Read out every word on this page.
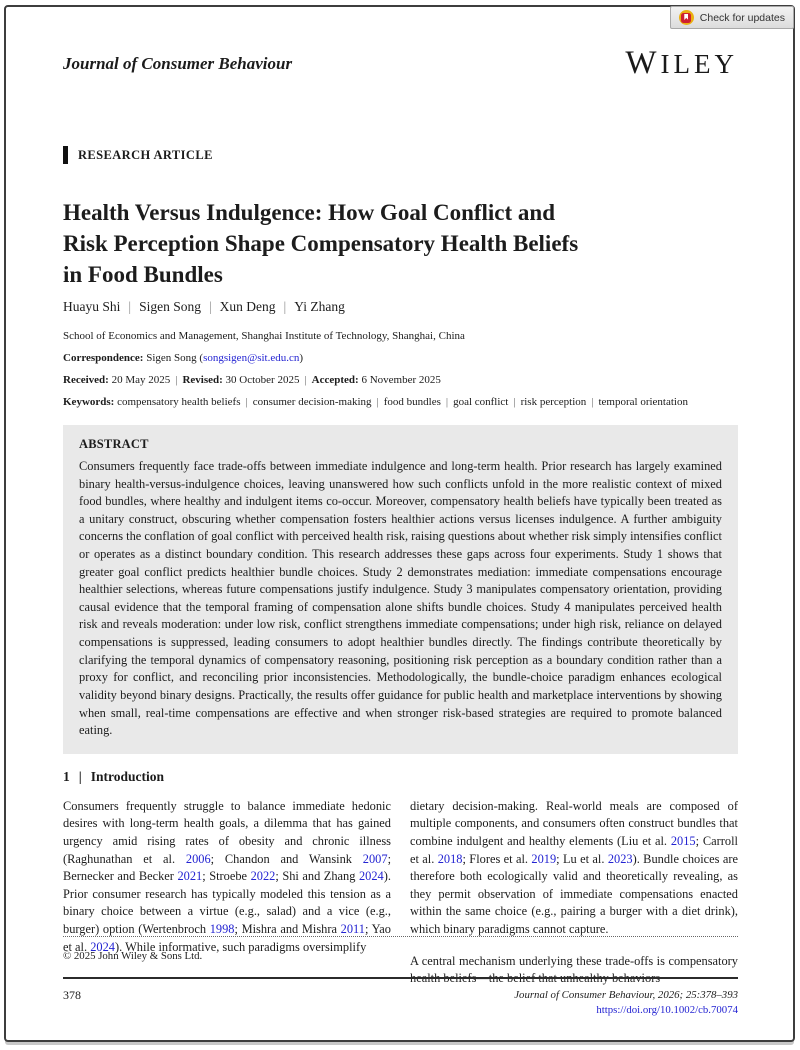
Check for updates
Journal of Consumer Behaviour	WILEY
RESEARCH ARTICLE
Health Versus Indulgence: How Goal Conflict and
Risk Perception Shape Compensatory Health Beliefs
in Food Bundles
Huayu Shi | Sigen Song | Xun Deng | Yi Zhang
School of Economics and Management, Shanghai Institute of Technology, Shanghai, China
Correspondence: Sigen Song (songsigen@sit.edu.cn)
Received: 20 May 2025 | Revised: 30 October 2025 | Accepted: 6 November 2025
Keywords: compensatory health beliefs | consumer decision-making | food bundles | goal conflict | risk perception | temporal orientation
ABSTRACT

Consumers frequently face trade-offs between immediate indulgence and long-term health. Prior research has largely examined binary health-versus-indulgence choices, leaving unanswered how such conflicts unfold in the more realistic context of mixed food bundles, where healthy and indulgent items co-occur. Moreover, compensatory health beliefs have typically been treated as a unitary construct, obscuring whether compensation fosters healthier actions versus licenses indulgence. A further ambiguity concerns the conflation of goal conflict with perceived health risk, raising questions about whether risk simply intensifies conflict or operates as a distinct boundary condition. This research addresses these gaps across four experiments. Study 1 shows that greater goal conflict predicts healthier bundle choices. Study 2 demonstrates mediation: immediate compensations encourage healthier selections, whereas future compensations justify indulgence. Study 3 manipulates compensatory orientation, providing causal evidence that the temporal framing of compensation alone shifts bundle choices. Study 4 manipulates perceived health risk and reveals moderation: under low risk, conflict strengthens immediate compensations; under high risk, reliance on delayed compensations is suppressed, leading consumers to adopt healthier bundles directly. The findings contribute theoretically by clarifying the temporal dynamics of compensatory reasoning, positioning risk perception as a boundary condition rather than a proxy for conflict, and reconciling prior inconsistencies. Methodologically, the bundle-choice paradigm enhances ecological validity beyond binary designs. Practically, the results offer guidance for public health and marketplace interventions by showing when small, real-time compensations are effective and when stronger risk-based strategies are required to promote balanced eating.

1 | Introduction

Consumers frequently struggle to balance immediate hedonic desires with long-term health goals, a dilemma that has gained urgency amid rising rates of obesity and chronic illness (Raghunathan et al. 2006; Chandon and Wansink 2007; Bernecker and Becker 2021; Stroebe 2022; Shi and Zhang 2024). Prior consumer research has typically modeled this tension as a binary choice between a virtue (e.g., salad) and a vice (e.g., burger) option (Wertenbroch 1998; Mishra and Mishra 2011; Yao et al. 2024). While informative, such paradigms oversimplify

dietary decision-making. Real-world meals are composed of multiple components, and consumers often construct bundles that combine indulgent and healthy elements (Liu et al. 2015; Carroll et al. 2018; Flores et al. 2019; Lu et al. 2023). Bundle choices are therefore both ecologically valid and theoretically revealing, as they permit observation of immediate compensations enacted within the same choice (e.g., pairing a burger with a diet drink), which binary paradigms cannot capture.

A central mechanism underlying these trade-offs is compensatory health beliefs—the belief that unhealthy behaviors

© 2025 John Wiley & Sons Ltd.
378	Journal of Consumer Behaviour, 2026; 25:378–393
https://doi.org/10.1002/cb.70074
